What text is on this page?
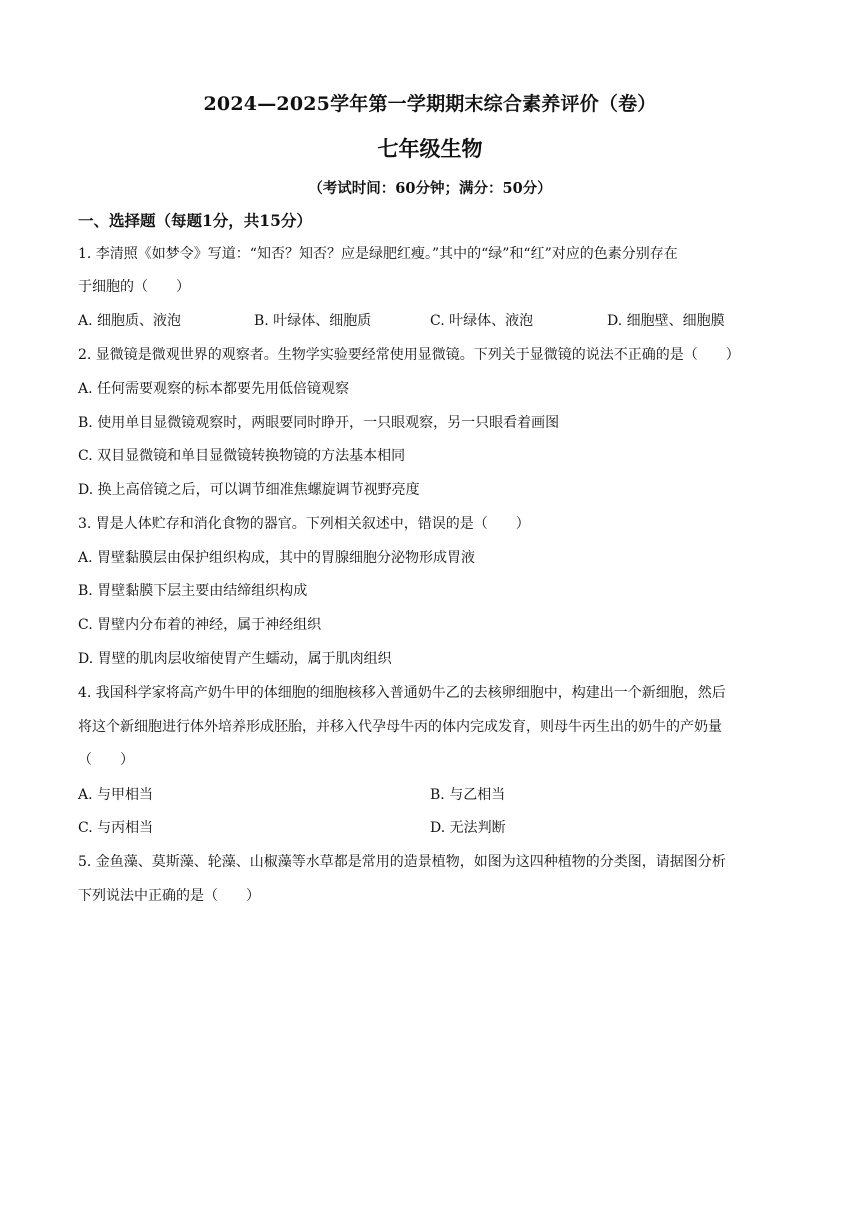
2024—2025学年第一学期期末综合素养评价（卷）
七年级生物
（考试时间：60分钟；满分：50分）
一、选择题（每题1分，共15分）
1. 李清照《如梦令》写道：“知否？知否？应是绿肥红瘦。”其中的“绿”和“红”对应的色素分别存在
于细胞的（　　）
A. 细胞质、液泡	B. 叶绿体、细胞质	C. 叶绿体、液泡	D. 细胞壁、细胞膜
2. 显微镜是微观世界的观察者。生物学实验要经常使用显微镜。下列关于显微镜的说法不正确的是（　　）
A. 任何需要观察的标本都要先用低倍镜观察
B. 使用单目显微镜观察时，两眼要同时睁开，一只眼观察，另一只眼看着画图
C. 双目显微镜和单目显微镜转换物镜的方法基本相同
D. 换上高倍镜之后，可以调节细准焦螺旋调节视野亮度
3. 胃是人体贮存和消化食物的器官。下列相关叙述中，错误的是（　　）
A. 胃壁黏膜层由保护组织构成，其中的胃腺细胞分泌物形成胃液
B. 胃壁黏膜下层主要由结缔组织构成
C. 胃壁内分布着的神经，属于神经组织
D. 胃壁的肌肉层收缩使胃产生蠕动，属于肌肉组织
4. 我国科学家将高产奶牛甲的体细胞的细胞核移入普通奶牛乙的去核卵细胞中，构建出一个新细胞，然后
将这个新细胞进行体外培养形成胚胎，并移入代孕母牛丙的体内完成发育，则母牛丙生出的奶牛的产奶量
（　　）
A. 与甲相当	B. 与乙相当
C. 与丙相当	D. 无法判断
5. 金鱼藻、莫斯藻、轮藻、山椒藻等水草都是常用的造景植物，如图为这四种植物的分类图，请据图分析
下列说法中正确的是（　　）
